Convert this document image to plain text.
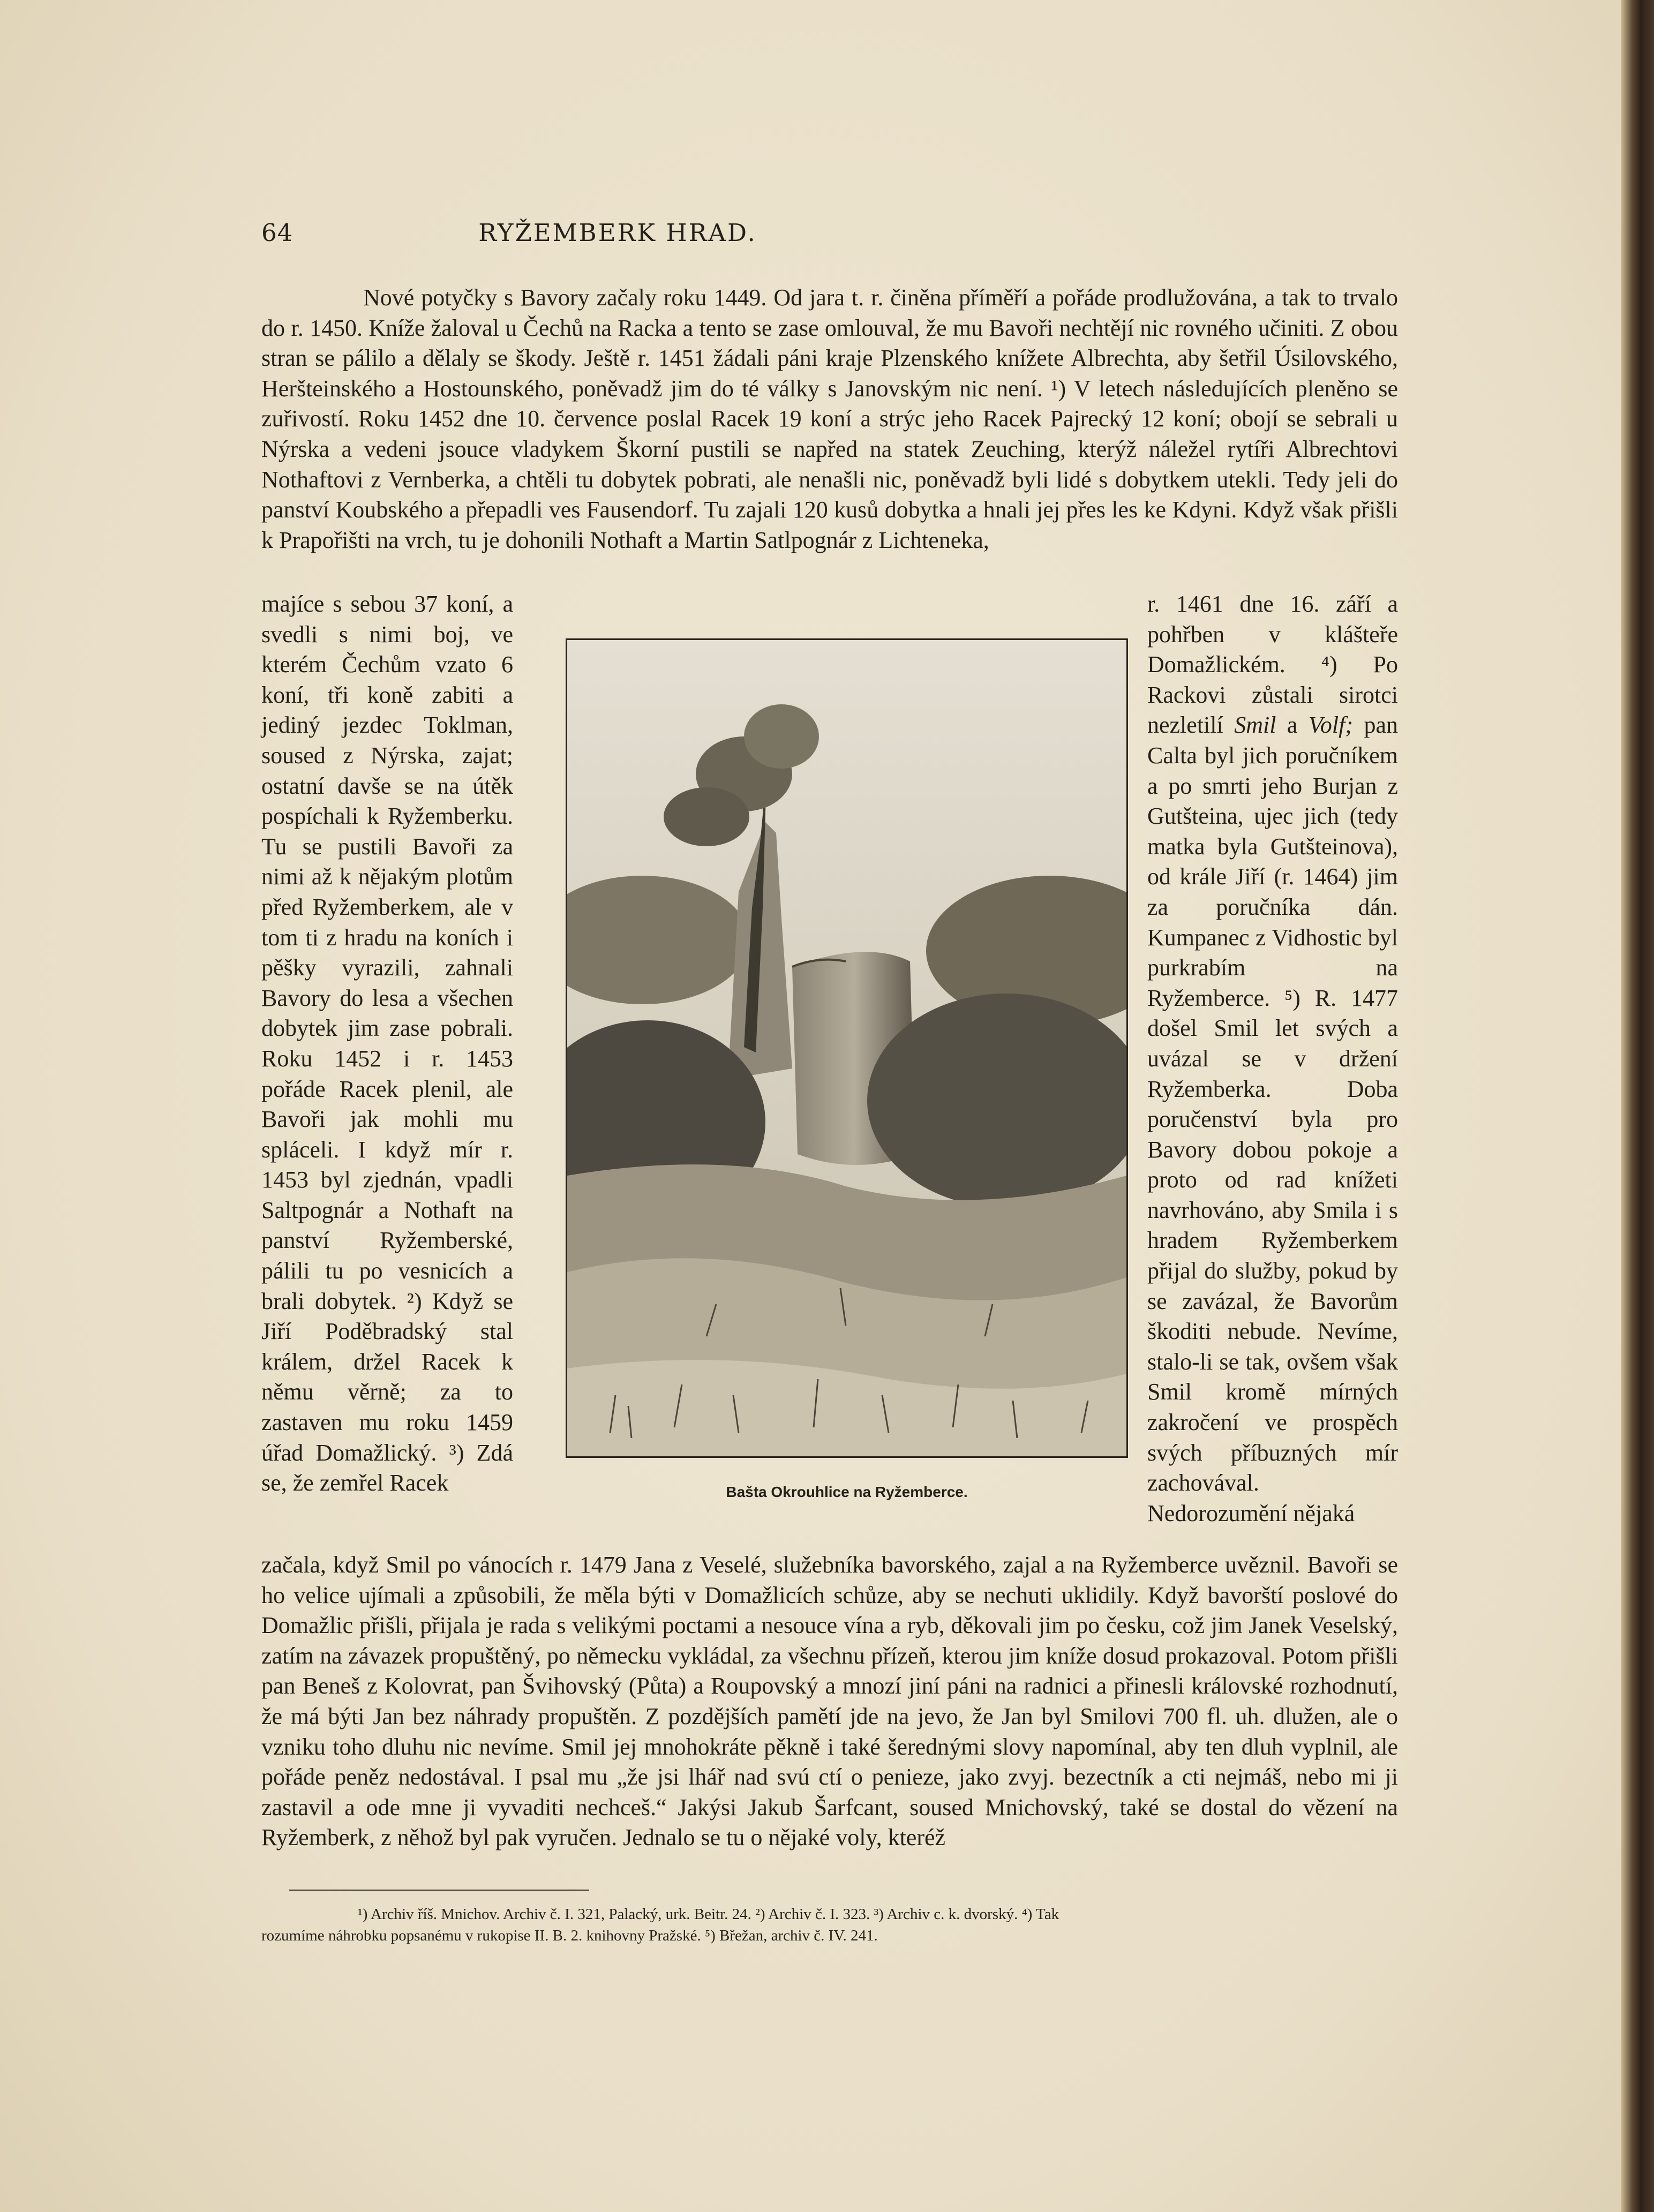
64	RYŽEMBERK HRAD.
Nové potyčky s Bavory začaly roku 1449. Od jara t. r. činěna příměří a pořáde prodlužována, a tak to trvalo do r. 1450. Kníže žaloval u Čechů na Racka a tento se zase omlouval, že mu Bavoři nechtějí nic rovného učiniti. Z obou stran se pálilo a dělaly se škody. Ještě r. 1451 žádali páni kraje Plzenského knížete Albrechta, aby šetřil Úsilovského, Heršteinského a Hostounského, poněvadž jim do té války s Janovským nic není. ¹) V letech následujících pleněno se zuřivostí. Roku 1452 dne 10. července poslal Racek 19 koní a strýc jeho Racek Pajrecký 12 koní; obojí se sebrali u Nýrska a vedeni jsouce vladykem Škorní pustili se napřed na statek Zeuching, kterýž náležel rytíři Albrechtovi Nothaftovi z Vernberka, a chtěli tu dobytek pobrati, ale nenašli nic, poněvadž byli lidé s dobytkem utekli. Tedy jeli do panství Koubského a přepadli ves Fausendorf. Tu zajali 120 kusů dobytka a hnali jej přes les ke Kdyni. Když však přišli k Prapořišti na vrch, tu je dohonili Nothaft a Martin Satlpognár z Lichteneka,
majíce s sebou 37 koní, a svedli s nimi boj, ve kterém Čechům vzato 6 koní, tři koně zabiti a jediný jezdec Toklman, soused z Nýrska, zajat; ostatní davše se na útěk pospíchali k Ryžemberku. Tu se pustili Bavoři za nimi až k nějakým plotům před Ryžemberkem, ale v tom ti z hradu na koních i pěšky vyrazili, zahnali Bavory do lesa a všechen dobytek jim zase pobrali. Roku 1452 i r. 1453 pořáde Racek plenil, ale Bavoři jak mohli mu spláceli. I když mír r. 1453 byl zjednán, vpadli Saltpognár a Nothaft na panství Ryžemberské, pálili tu po vesnicích a brali dobytek. ²) Když se Jiří Poděbradský stal králem, držel Racek k němu věrně; za to zastaven mu roku 1459 úřad Domažlický. ³) Zdá se, že zemřel Racek
r. 1461 dne 16. září a pohřben v klášteře Domažlickém. ⁴) Po Rackovi zůstali sirotci nezletilí Smil a Volf; pan Calta byl jich poručníkem a po smrti jeho Burjan z Gutšteina, ujec jich (tedy matka byla Gutšteinova), od krále Jiří (r. 1464) jim za poručníka dán. Kumpanec z Vidhostic byl purkrabím na Ryžemberce. ⁵) R. 1477 došel Smil let svých a uvázal se v držení Ryžemberka. Doba poručenství byla pro Bavory dobou pokoje a proto od rad knížeti navrhováno, aby Smila i s hradem Ryžemberkem přijal do služby, pokud by se zavázal, že Bavorům škoditi nebude. Nevíme, stalo-li se tak, ovšem však Smil kromě mírných zakročení ve prospěch svých příbuzných mír zachovával. Nedorozumění nějaká
Bašta Okrouhlice na Ryžemberce.
začala, když Smil po vánocích r. 1479 Jana z Veselé, služebníka bavorského, zajal a na Ryžemberce uvěznil. Bavoři se ho velice ujímali a způsobili, že měla býti v Domažlicích schůze, aby se nechuti uklidily. Když bavorští poslové do Domažlic přišli, přijala je rada s velikými poctami a nesouce vína a ryb, děkovali jim po česku, což jim Janek Veselský, zatím na závazek propuštěný, po německu vykládal, za všechnu přízeň, kterou jim kníže dosud prokazoval. Potom přišli pan Beneš z Kolovrat, pan Švihovský (Půta) a Roupovský a mnozí jiní páni na radnici a přinesli královské rozhodnutí, že má býti Jan bez náhrady propuštěn. Z pozdějších pamětí jde na jevo, že Jan byl Smilovi 700 fl. uh. dlužen, ale o vzniku toho dluhu nic nevíme. Smil jej mnohokráte pěkně i také šerednými slovy napomínal, aby ten dluh vyplnil, ale pořáde peněz nedostával. I psal mu „že jsi lhář nad svú ctí o penieze, jako zvyj. bezectník a cti nejmáš, nebo mi ji zastavil a ode mne ji vyvaditi nechceš.“ Jakýsi Jakub Šarfcant, soused Mnichovský, také se dostal do vězení na Ryžemberk, z něhož byl pak vyručen. Jednalo se tu o nějaké voly, kteréž
¹) Archiv říš. Mnichov. Archiv č. I. 321, Palacký, urk. Beitr. 24. ²) Archiv č. I. 323. ³) Archiv c. k. dvorský. ⁴) Tak
rozumíme náhrobku popsanému v rukopise II. B. 2. knihovny Pražské. ⁵) Břežan, archiv č. IV. 241.
